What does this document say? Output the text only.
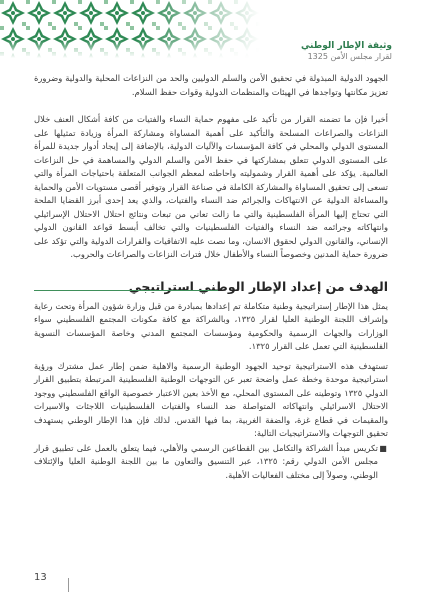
وثيقة الإطار الوطني
لقرار مجلس الأمن 1325

الجهود الدولية المبذولة في تحقيق الأمن والسلم الدوليين والحد من النزاعات المحلية والدولية وضرورة تعزيز مكانتها وتواجدها في الهيئات والمنظمات الدولية وقوات حفظ السلام.

أخيرا فإن ما تضمنه القرار من تأكيد على مفهوم حماية النساء والفتيات من كافة أشكال العنف خلال النزاعات والصراعات المسلحة والتأكيد على أهمية المساواة ومشاركة المرأة وزيادة تمثيلها على المستوى الدولي والمحلي في كافة المؤسسات والآليات الدولية، بالإضافة إلى إيجاد أدوار جديدة للمرأة على المستوى الدولي تتعلق بمشاركتها في حفظ الأمن والسلم الدولي والمساهمة في حل النزاعات العالمية. يؤكد على أهمية القرار وشموليته واحاطته لمعظم الجوانب المتعلقة باحتياجات المرأة والتي تسعى إلى تحقيق المساواة والمشاركة الكاملة في صناعة القرار وتوفير أقصى مستويات الأمن والحماية والمساءلة الدولية عن الانتهاكات والجرائم ضد النساء والفتيات، والذي يعد إحدى أبرز القضايا الملحة التي تحتاج إليها المرأة الفلسطينية والتي ما زالت تعاني من تبعات ونتائج احتلال الاحتلال الإسرائيلي وانتهاكاته وجرائمه ضد النساء والفتيات الفلسطينيات والتي تخالف أبسط قواعد القانون الدولي الإنساني، والقانون الدولي لحقوق الانسان، وما نصت عليه الاتفاقيات والقرارات الدولية والتي تؤكد على ضرورة حماية المدنين وخصوصاً النساء والأطفال خلال فترات النزاعات والصراعات والحروب.

الهدف من إعداد الإطار الوطني استراتيجي

يمثل هذا الإطار إستراتيجية وطنية متكاملة تم إعدادها بمبادرة من قبل وزارة شؤون المرأة وتحت رعاية وإشراف اللجنة الوطنية العليا لقرار ١٣٢٥، وبالشراكة مع كافة مكونات المجتمع الفلسطيني سواء الوزارات والجهات الرسمية والحكومية ومؤسسات المجتمع المدني وخاصة المؤسسات النسوية الفلسطينية التي تعمل على القرار ١٣٢٥.

تستهدف هذه الاستراتيجية توحيد الجهود الوطنية الرسمية والاهلية ضمن إطار عمل مشترك ورؤية استراتيجية موحدة وخطة عمل واضحة تعبر عن التوجهات الوطنية الفلسطينية المرتبطة بتطبيق القرار الدولي ١٣٢٥ وتوطينه على المستوى المحلي، مع الأخذ بعين الاعتبار خصوصية الواقع الفلسطيني ووجود الاحتلال الاسرائيلي وانتهاكاته المتواصلة ضد النساء والفتيات الفلسطينيات اللاجئات والاسيرات والمقيمات في قطاع غزة، والضفة الغربية، بما فيها القدس. لذلك فإن هذا الإطار الوطني يستهدف تحقيق التوجهات والاستراتيجيات التالية:

■

تكريس مبدأ الشراكة والتكامل بين القطاعين الرسمي والأهلي، فيما يتعلق بالعمل على تطبيق قرار مجلس الأمن الدولي رقم: ١٣٢٥، عبر التنسيق والتعاون ما بين اللجنة الوطنية العليا والإئتلاف الوطني، وصولاً إلى مختلف الفعاليات الأهلية.

13
